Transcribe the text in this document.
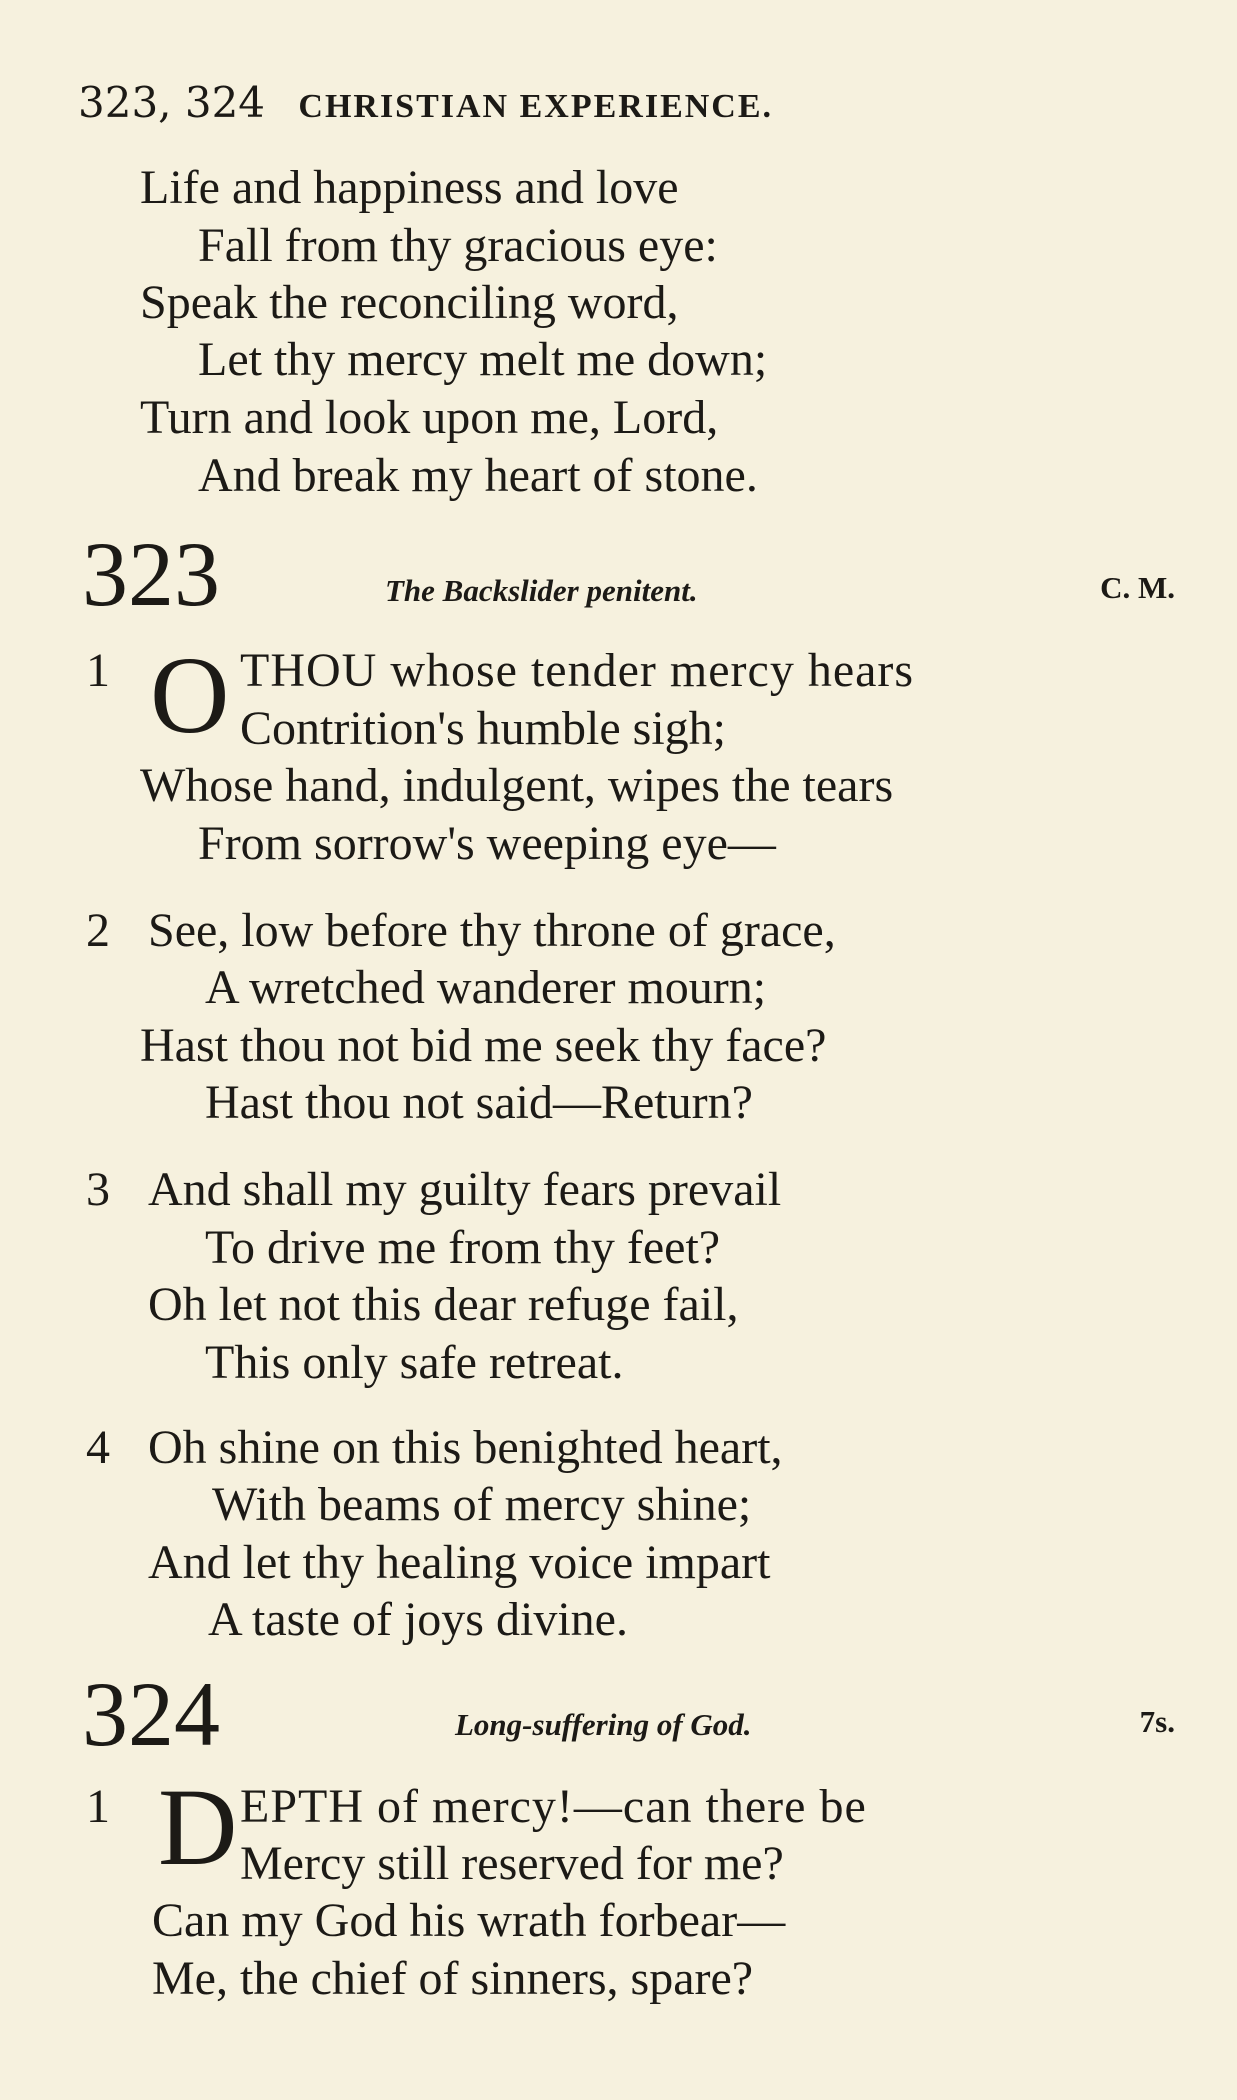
323, 324 CHRISTIAN EXPERIENCE.
Life and happiness and love
Fall from thy gracious eye:
Speak the reconciling word,
Let thy mercy melt me down;
Turn and look upon me, Lord,
And break my heart of stone.
323	The Backslider penitent.	C. M.
1 O THOU whose tender mercy hears
Contrition's humble sigh;
Whose hand, indulgent, wipes the tears
From sorrow's weeping eye—
2 See, low before thy throne of grace,
A wretched wanderer mourn;
Hast thou not bid me seek thy face?
Hast thou not said—Return?
3 And shall my guilty fears prevail
To drive me from thy feet?
Oh let not this dear refuge fail,
This only safe retreat.
4 Oh shine on this benighted heart,
With beams of mercy shine;
And let thy healing voice impart
A taste of joys divine.
324	Long-suffering of God.	7s.
1 D EPTH of mercy!—can there be
Mercy still reserved for me?
Can my God his wrath forbear—
Me, the chief of sinners, spare?
